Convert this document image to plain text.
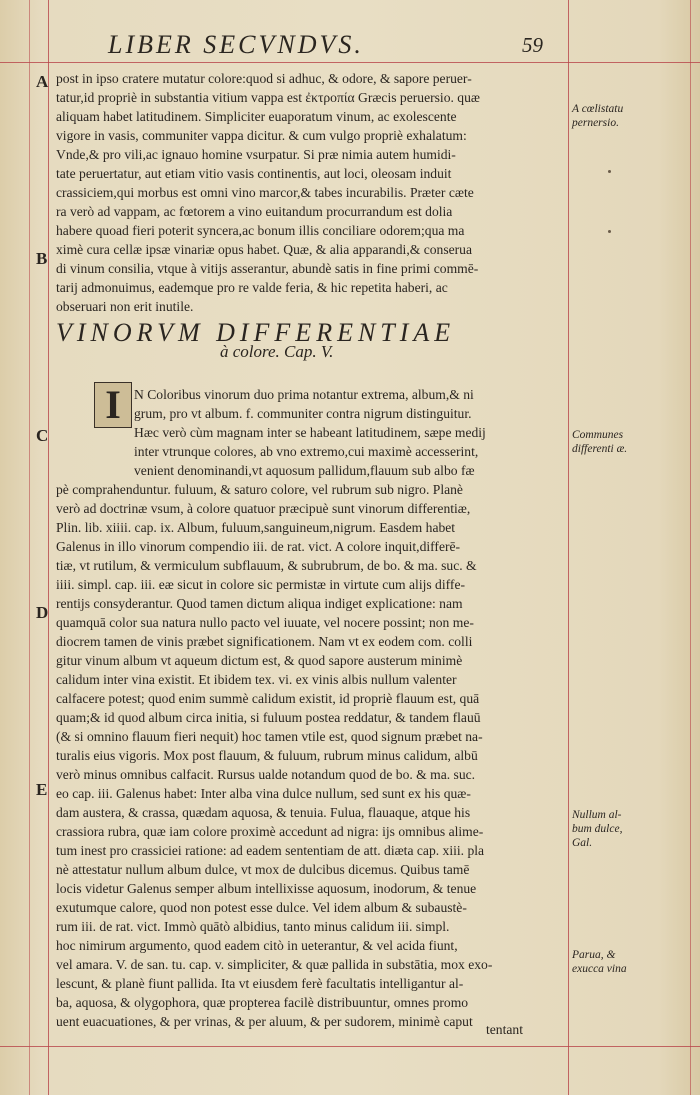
LIBER SECVNDVS.	59
A
B
C
D
E
post in ipso cratere mutatur colore:quod si adhuc, & odore, & sapore peruer-
tatur,id propriè in substantia vitium vappa est ἐκτροπία Græcis peruersio. quæ
aliquam habet latitudinem. Simpliciter euaporatum vinum, ac exolescente
vigore in vasis, communiter vappa dicitur. & cum vulgo propriè exhalatum:
Vnde,& pro vili,ac ignauo homine vsurpatur. Si præ nimia autem humidi-
tate peruertatur, aut etiam vitio vasis continentis, aut loci, oleosam induit
crassiciem,qui morbus est omni vino marcor,& tabes incurabilis. Præter cæte
ra verò ad vappam, ac fœtorem a vino euitandum procurrandum est dolia
habere quoad fieri poterit syncera,ac bonum illis conciliare odorem;qua ma
ximè cura cellæ ipsæ vinariæ opus habet. Quæ, & alia apparandi,& conserua
di vinum consilia, vtque à vitijs asserantur, abundè satis in fine primi commē-
tarij admonuimus, eademque pro re valde feria, & hic repetita haberi, ac
obseruari non erit inutile.
VINORVM DIFFERENTIAE
à colore. Cap. V.
I N Coloribus vinorum duo prima notantur extrema, album,& ni
grum, pro vt album. f. communiter contra nigrum distinguitur.
Hæc verò cùm magnam inter se habeant latitudinem, sæpe medij
inter vtrunque colores, ab vno extremo,cui maximè accesserint,
venient denominandi,vt aquosum pallidum,flauum sub albo fæ
pè comprahenduntur. fuluum, & saturo colore, vel rubrum sub nigro. Planè
verò ad doctrinæ vsum, à colore quatuor præcipuè sunt vinorum differentiæ,
Plin. lib. xiiii. cap. ix. Album, fuluum,sanguineum,nigrum. Easdem habet
Galenus in illo vinorum compendio iii. de rat. vict. A colore inquit,differē-
tiæ, vt rutilum, & vermiculum subflauum, & subrubrum, de bo. & ma. suc. &
iiii. simpl. cap. iii. eæ sicut in colore sic permistæ in virtute cum alijs diffe-
rentijs consyderantur. Quod tamen dictum aliqua indiget explicatione: nam
quamquā color sua natura nullo pacto vel iuuate, vel nocere possint; non me-
diocrem tamen de vinis præbet significationem. Nam vt ex eodem com. colli
gitur vinum album vt aqueum dictum est, & quod sapore austerum minimè
calidum inter vina existit. Et ibidem tex. vi. ex vinis albis nullum valenter
calfacere potest; quod enim summè calidum existit, id propriè flauum est, quā
quam;& id quod album circa initia, si fuluum postea reddatur, & tandem flauū
(& si omnino flauum fieri nequit) hoc tamen vtile est, quod signum præbet na-
turalis eius vigoris. Mox post flauum, & fuluum, rubrum minus calidum, albū
verò minus omnibus calfacit. Rursus ualde notandum quod de bo. & ma. suc.
eo cap. iii. Galenus habet: Inter alba vina dulce nullum, sed sunt ex his quæ-
dam austera, & crassa, quædam aquosa, & tenuia. Fulua, flauaque, atque his
crassiora rubra, quæ iam colore proximè accedunt ad nigra: ijs omnibus alime-
tum inest pro crassiciei ratione: ad eadem sententiam de att. diæta cap. xiii. pla
nè attestatur nullum album dulce, vt mox de dulcibus dicemus. Quibus tamē
locis videtur Galenus semper album intellixisse aquosum, inodorum, & tenue
exutumque calore, quod non potest esse dulce. Vel idem album & subaustè-
rum iii. de rat. vict. Immò quātò albidius, tanto minus calidum iii. simpl.
hoc nimirum argumento, quod eadem citò in ueterantur, & vel acida fiunt,
vel amara. V. de san. tu. cap. v. simpliciter, & quæ pallida in substātia, mox exo-
lescunt, & planè fiunt pallida. Ita vt eiusdem ferè facultatis intelligantur al-
ba, aquosa, & olygophora, quæ propterea facilè distribuuntur, omnes promo
uent euacuationes, & per vrinas, & per aluum, & per sudorem, minimè caput
A cœlistatu
pernersio.
Communes
differenti æ.
Nullum al-
bum dulce,
Gal.
Parua, &
exucca vina
tentant
